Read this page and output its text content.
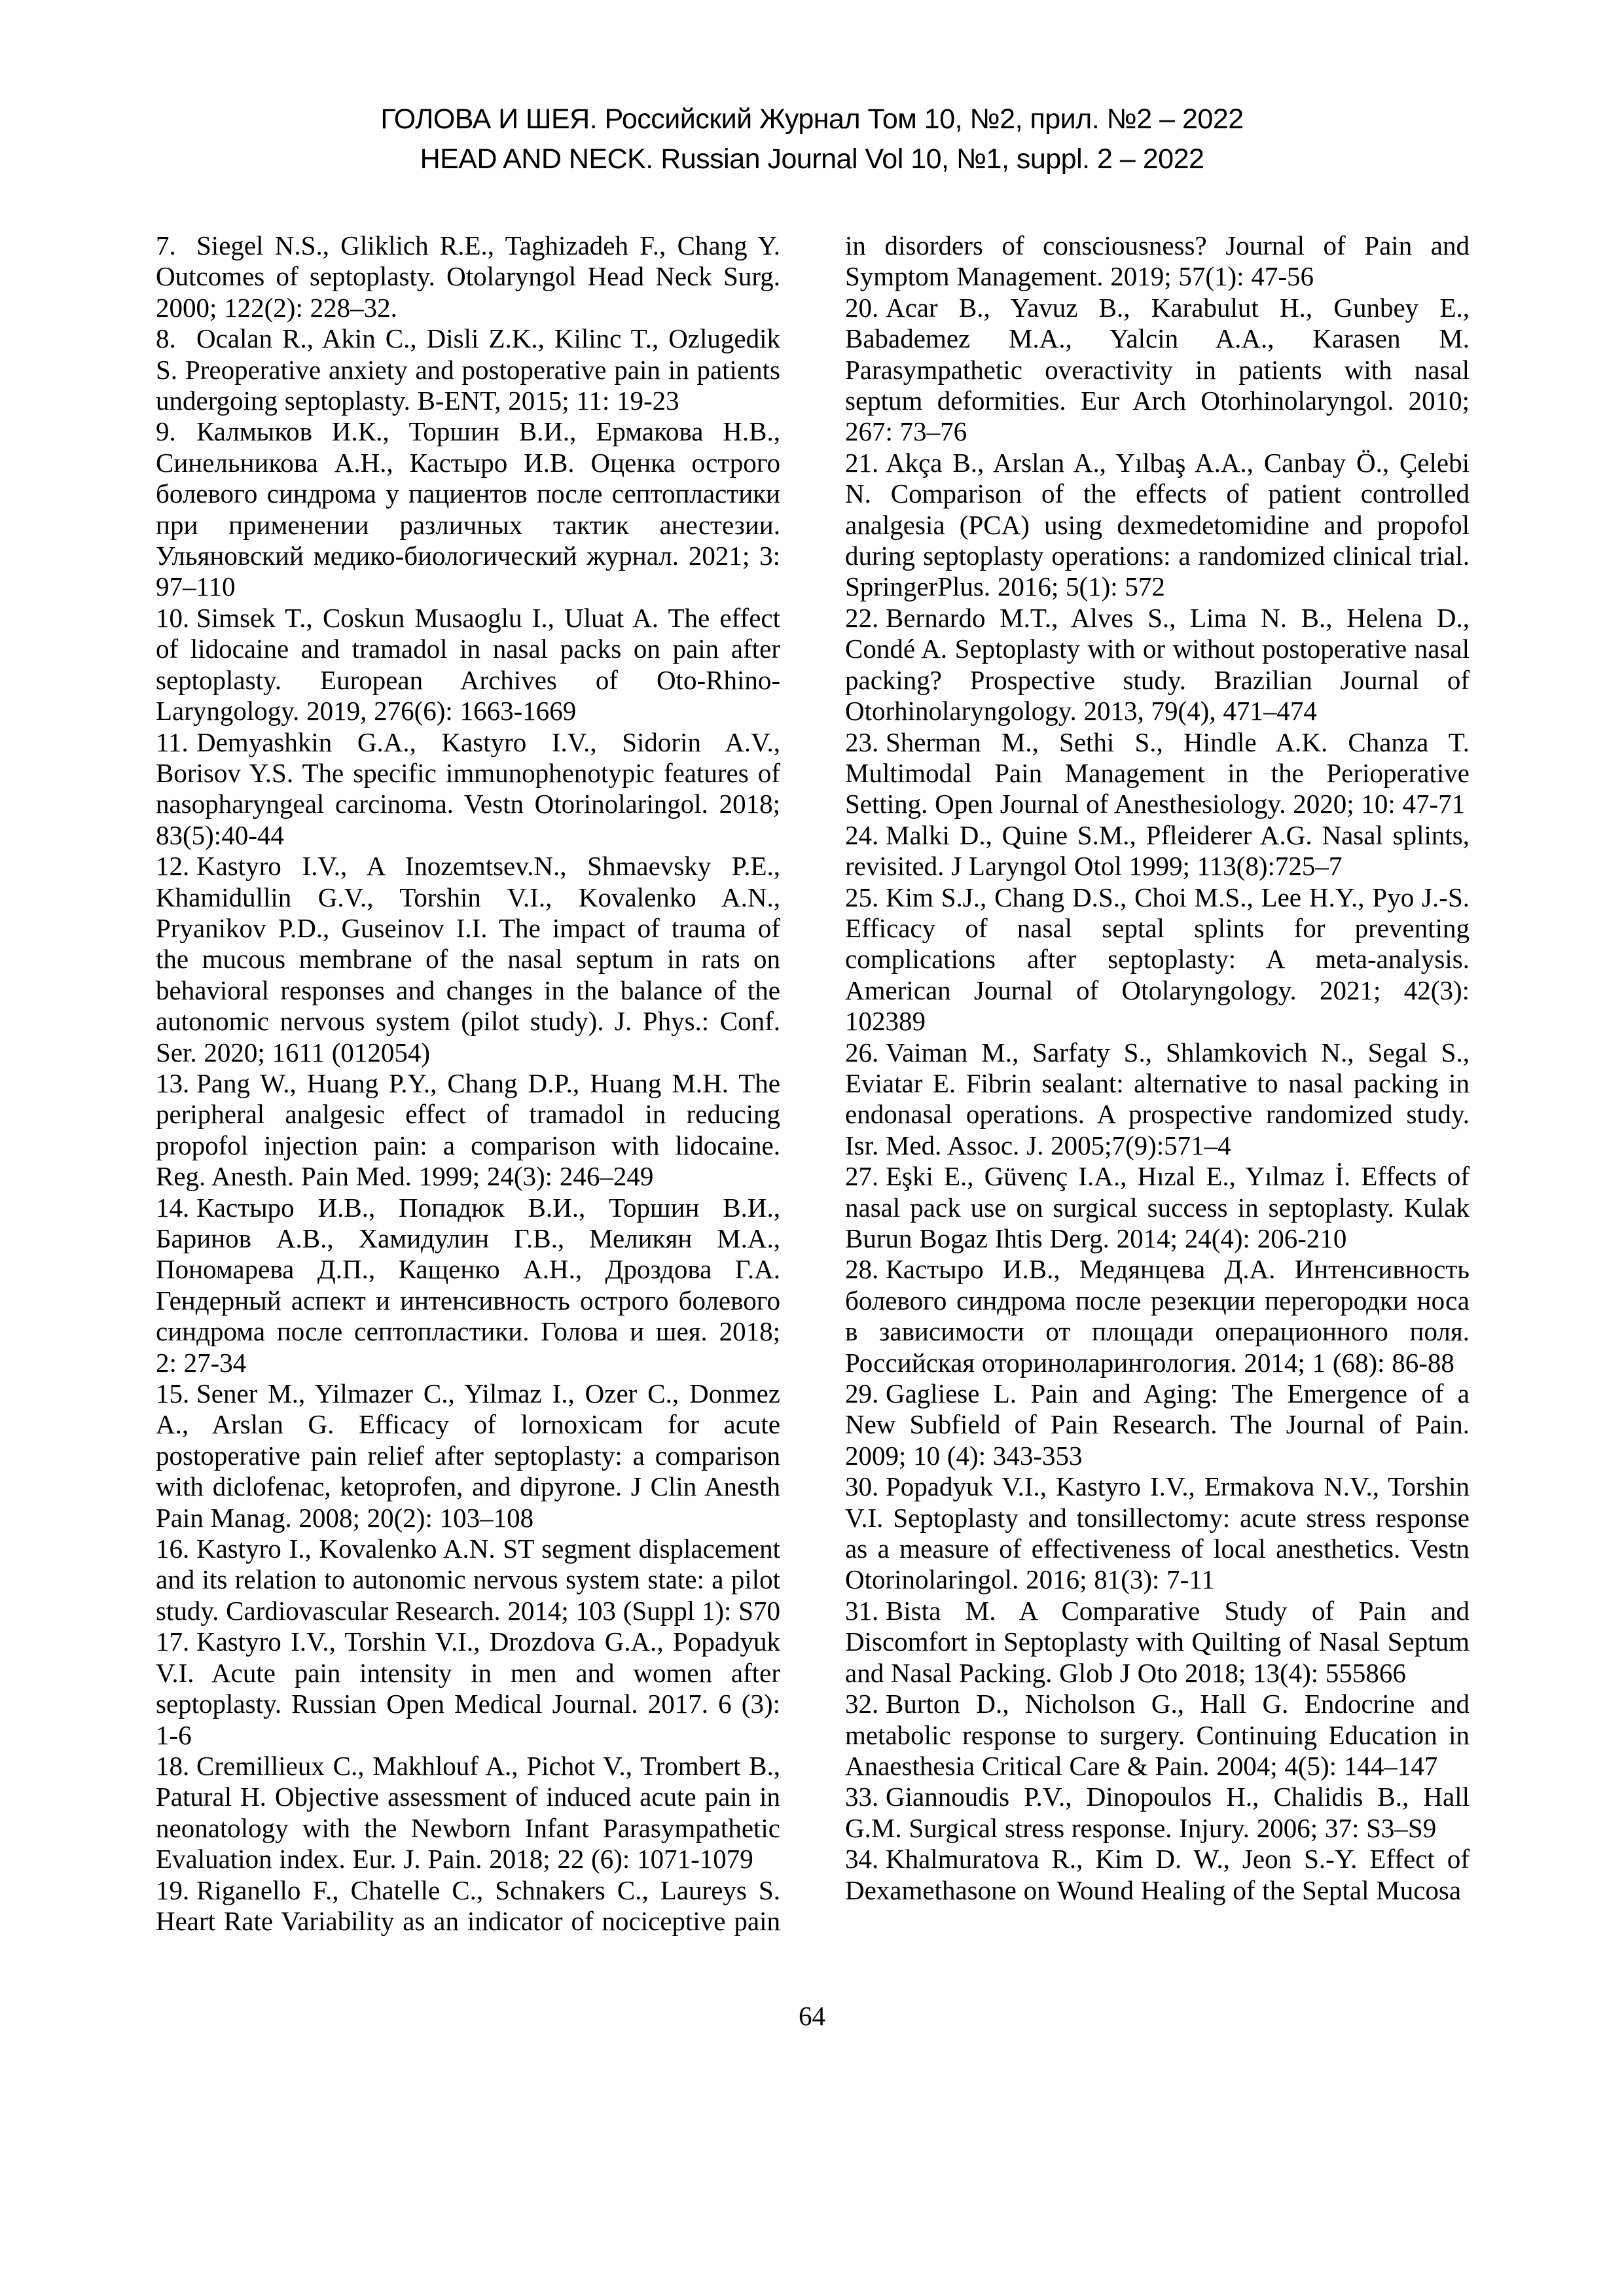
ГОЛОВА И ШЕЯ. Российский Журнал Том 10, №2, прил. №2 – 2022
HEAD AND NECK. Russian Journal Vol 10, №1, suppl. 2 – 2022

7. Siegel N.S., Gliklich R.E., Taghizadeh F., Chang Y. Outcomes of septoplasty. Otolaryngol Head Neck Surg. 2000; 122(2): 228–32.

8. Ocalan R., Akin C., Disli Z.K., Kilinc T., Ozlugedik S. Preoperative anxiety and postoperative pain in patients undergoing septoplasty. B-ENT, 2015; 11: 19-23

9. Калмыков И.К., Торшин В.И., Ермакова Н.В., Синельникова А.Н., Кастыро И.В. Оценка острого болевого синдрома у пациентов после септопластики при применении различных тактик анестезии. Ульяновский медико-биологический журнал. 2021; 3: 97–110

10. Simsek T., Coskun Musaoglu I., Uluat A. The effect of lidocaine and tramadol in nasal packs on pain after septoplasty. European Archives of Oto-Rhino-Laryngology. 2019, 276(6): 1663-1669

11. Demyashkin G.A., Kastyro I.V., Sidorin A.V., Borisov Y.S. The specific immunophenotypic features of nasopharyngeal carcinoma. Vestn Otorinolaringol. 2018; 83(5):40-44

12. Kastyro I.V., A Inozemtsev.N., Shmaevsky P.E., Khamidullin G.V., Torshin V.I., Kovalenko A.N., Pryanikov P.D., Guseinov I.I. The impact of trauma of the mucous membrane of the nasal septum in rats on behavioral responses and changes in the balance of the autonomic nervous system (pilot study). J. Phys.: Conf. Ser. 2020; 1611 (012054)

13. Pang W., Huang P.Y., Chang D.P., Huang M.H. The peripheral analgesic effect of tramadol in reducing propofol injection pain: a comparison with lidocaine. Reg. Anesth. Pain Med. 1999; 24(3): 246–249

14. Кастыро И.В., Попадюк В.И., Торшин В.И., Баринов А.В., Хамидулин Г.В., Меликян М.А., Пономарева Д.П., Кащенко А.Н., Дроздова Г.А. Гендерный аспект и интенсивность острого болевого синдрома после септопластики. Голова и шея. 2018; 2: 27-34

15. Sener M., Yilmazer C., Yilmaz I., Ozer C., Donmez A., Arslan G. Efficacy of lornoxicam for acute postoperative pain relief after septoplasty: a comparison with diclofenac, ketoprofen, and dipyrone. J Clin Anesth Pain Manag. 2008; 20(2): 103–108

16. Kastyro I., Kovalenko A.N. ST segment displacement and its relation to autonomic nervous system state: a pilot study. Cardiovascular Research. 2014; 103 (Suppl 1): S70

17. Kastyro I.V., Torshin V.I., Drozdova G.A., Popadyuk V.I. Acute pain intensity in men and women after septoplasty. Russian Open Medical Journal. 2017. 6 (3): 1-6

18. Cremillieux C., Makhlouf A., Pichot V., Trombert B., Patural H. Objective assessment of induced acute pain in neonatology with the Newborn Infant Parasympathetic Evaluation index. Eur. J. Pain. 2018; 22 (6): 1071-1079

19. Riganello F., Chatelle C., Schnakers C., Laureys S. Heart Rate Variability as an indicator of nociceptive pain

in disorders of consciousness? Journal of Pain and Symptom Management. 2019; 57(1): 47-56

20. Acar B., Yavuz B., Karabulut H., Gunbey E., Babademez M.A., Yalcin A.A., Karasen M. Parasympathetic overactivity in patients with nasal septum deformities. Eur Arch Otorhinolaryngol. 2010; 267: 73–76

21. Akça B., Arslan A., Yılbaş A.A., Canbay Ö., Çelebi N. Comparison of the effects of patient controlled analgesia (PCA) using dexmedetomidine and propofol during septoplasty operations: a randomized clinical trial. SpringerPlus. 2016; 5(1): 572

22. Bernardo M.T., Alves S., Lima N. B., Helena D., Condé A. Septoplasty with or without postoperative nasal packing? Prospective study. Brazilian Journal of Otorhinolaryngology. 2013, 79(4), 471–474

23. Sherman M., Sethi S., Hindle A.K. Chanza T. Multimodal Pain Management in the Perioperative Setting. Open Journal of Anesthesiology. 2020; 10: 47-71

24. Malki D., Quine S.M., Pfleiderer A.G. Nasal splints, revisited. J Laryngol Otol 1999; 113(8):725–7

25. Kim S.J., Chang D.S., Choi M.S., Lee H.Y., Pyo J.-S. Efficacy of nasal septal splints for preventing complications after septoplasty: A meta-analysis. American Journal of Otolaryngology. 2021; 42(3): 102389

26. Vaiman M., Sarfaty S., Shlamkovich N., Segal S., Eviatar E. Fibrin sealant: alternative to nasal packing in endonasal operations. A prospective randomized study. Isr. Med. Assoc. J. 2005;7(9):571–4

27. Eşki E., Güvenç I.A., Hızal E., Yılmaz İ. Effects of nasal pack use on surgical success in septoplasty. Kulak Burun Bogaz Ihtis Derg. 2014; 24(4): 206-210

28. Кастыро И.В., Медянцева Д.А. Интенсивность болевого синдрома после резекции перегородки носа в зависимости от площади операционного поля. Российская оториноларингология. 2014; 1 (68): 86-88

29. Gagliese L. Pain and Aging: The Emergence of a New Subfield of Pain Research. The Journal of Pain. 2009; 10 (4): 343-353

30. Popadyuk V.I., Kastyro I.V., Ermakova N.V., Torshin V.I. Septoplasty and tonsillectomy: acute stress response as a measure of effectiveness of local anesthetics. Vestn Otorinolaringol. 2016; 81(3): 7-11

31. Bista M. A Comparative Study of Pain and Discomfort in Septoplasty with Quilting of Nasal Septum and Nasal Packing. Glob J Oto 2018; 13(4): 555866

32. Burton D., Nicholson G., Hall G. Endocrine and metabolic response to surgery. Continuing Education in Anaesthesia Critical Care & Pain. 2004; 4(5): 144–147

33. Giannoudis P.V., Dinopoulos H., Chalidis B., Hall G.M. Surgical stress response. Injury. 2006; 37: S3–S9

34. Khalmuratova R., Kim D. W., Jeon S.-Y. Effect of Dexamethasone on Wound Healing of the Septal Mucosa

64
